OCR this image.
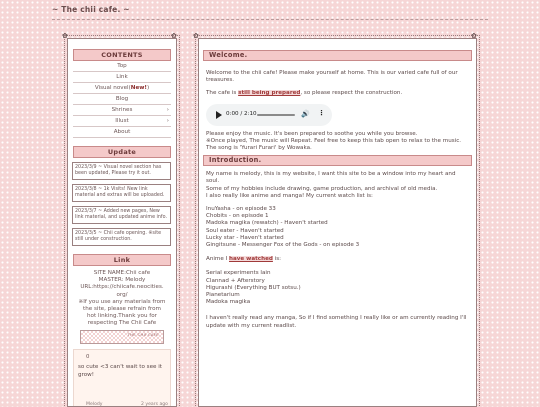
~ The chii cafe. ~
CONTENTS
Top
Link
Visual novel(New!)
Blog
Shrines	›
Illust	›
About
Update
2023/3/9 ~ Visual novel section has been updated, Please try it out.
2023/3/8 ~ 1k Visits! New link material and extras will be uploaded.
2023/3/7 ~ Added new pages, New link material, and updated anime info.
2023/3/5 ~ Chii cafe opening. ※site still under construction.
Link
SITE NAME:Chii cafe
MASTER: Melody
URL:https://chiicafe.neocities.
org/
※If you use any materials from
the site, please refrain from
hot linking.Thank you for
respecting The Chii Cafe
THE CHII CAFE
0
so cute <3 can't wait to see it grow!
Melody	2 years ago
✿	✿
Welcome.
Welcome to the chii cafe! Please make yourself at home. This is our varied cafe full of our treasures.
The cafe is still being prepared, so please respect the construction.
0:00 / 2:10	🔊 ⋮
Please enjoy the music. It's been prepared to soothe you while you browse.
※Once played, The music will Repeat. Feel free to keep this tab open to relax to the music. The song is 'Yurari Furari' by Wowaka.
Introduction.
My name is melody, this is my website, I want this site to be a window into my heart and soul.
Some of my hobbies include drawing, game production, and archival of old media.
I also really like anime and manga! My current watch list is:
InuYasha - on episode 33
Chobits - on episode 1
Madoka magika (rewatch) - Haven't started
Soul eater - Haven't started
Lucky star - Haven't started
Gingitsune - Messenger Fox of the Gods - on episode 3
Anime I have watched is:
Serial experiments lain
Clannad + Afterstory
Higurashi (Everything BUT sotsu.)
Pianetarium
Madoka magika
I haven't really read any manga, So if I find something I really like or am currently reading I'll update with my current readlist.
✿	✿
